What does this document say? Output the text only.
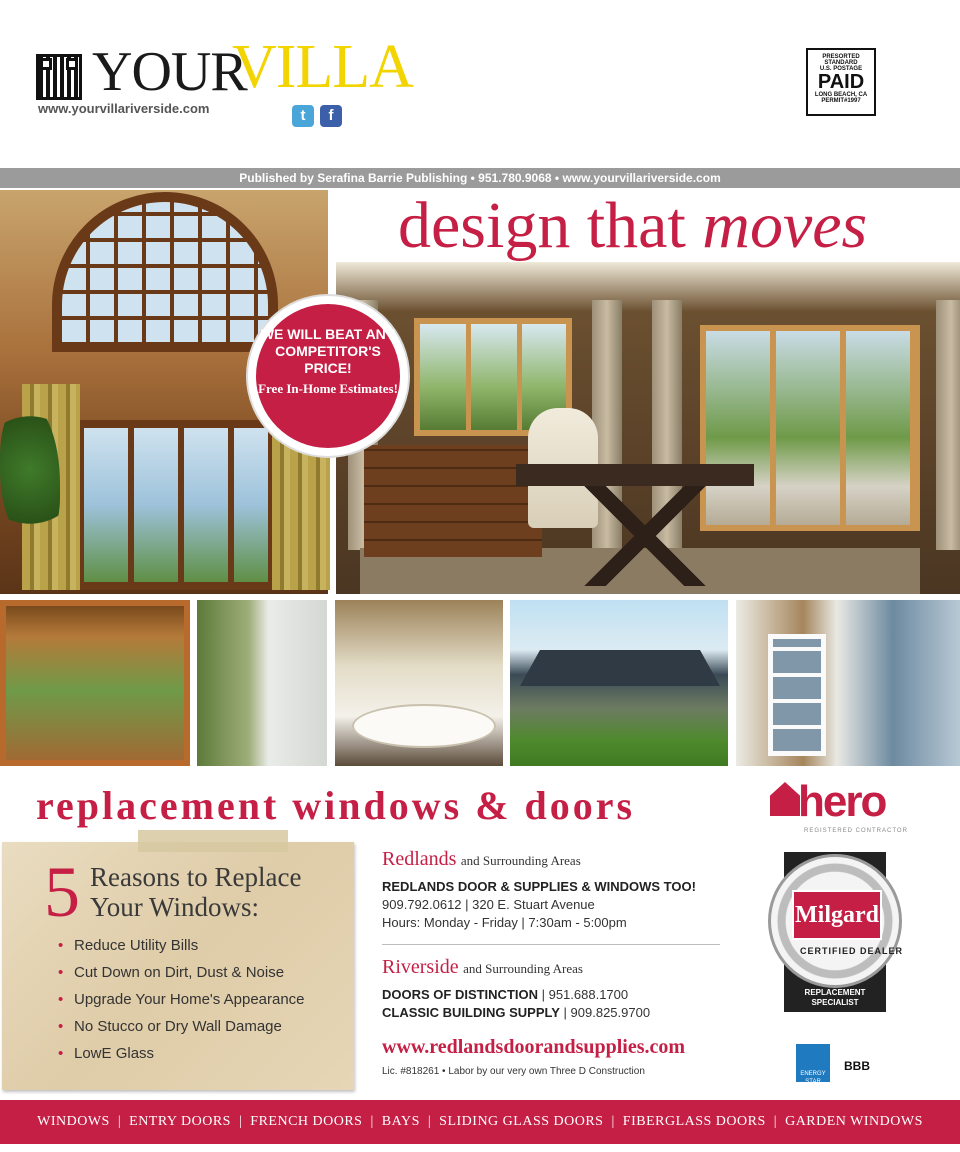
YOUR
VILLA
www.yourvillariverside.com	t	f
PRESORTED STANDARD
U.S. POSTAGE
PAID
LONG BEACH, CA
PERMIT#1997
Published by Serafina Barrie Publishing • 951.780.9068 • www.yourvillariverside.com
design that moves
WE WILL BEAT ANY COMPETITOR'S PRICE!
Free In-Home Estimates!
replacement windows & doors	hero
REGISTERED CONTRACTOR
5 Reasons to Replace Your Windows:
• Reduce Utility Bills
• Cut Down on Dirt, Dust & Noise
• Upgrade Your Home's Appearance
• No Stucco or Dry Wall Damage
• LowE Glass
Redlands and Surrounding Areas
REDLANDS DOOR & SUPPLIES & WINDOWS TOO!
909.792.0612 | 320 E. Stuart Avenue
Hours: Monday - Friday | 7:30am - 5:00pm
Riverside and Surrounding Areas
DOORS OF DISTINCTION | 951.688.1700
CLASSIC BUILDING SUPPLY | 909.825.9700
www.redlandsdoorandsupplies.com
Lic. #818261 • Labor by our very own Three D Construction
Milgard
CERTIFIED DEALER
REPLACEMENT SPECIALIST
ENERGY STAR
BBB
WINDOWS | ENTRY DOORS | FRENCH DOORS | BAYS | SLIDING GLASS DOORS | FIBERGLASS DOORS | GARDEN WINDOWS
